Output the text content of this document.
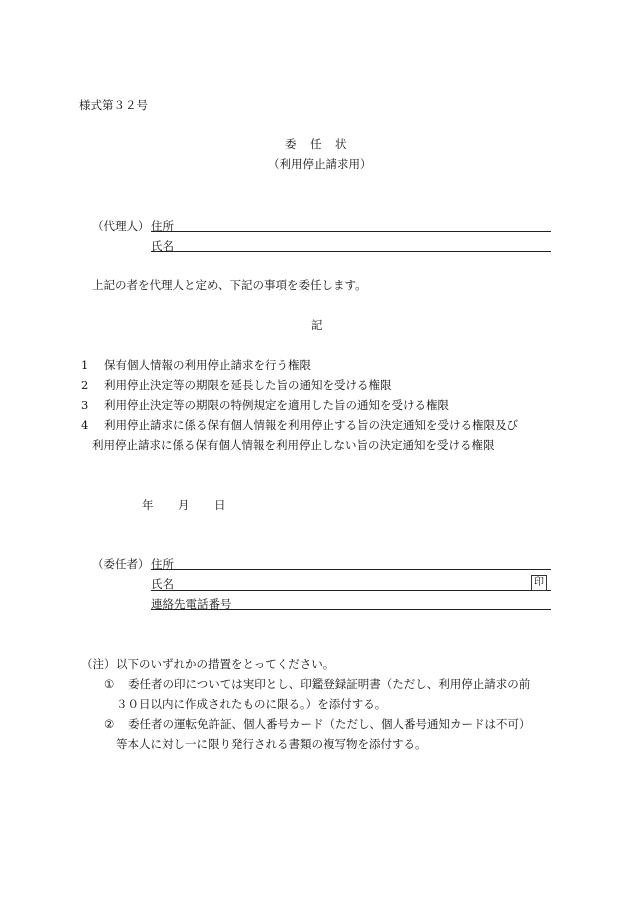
様式第３２号
委　任　状
（利用停止請求用）
（代理人） 住所
氏名
上記の者を代理人と定め、下記の事項を委任します。
記
1 保有個人情報の利用停止請求を行う権限
2 利用停止決定等の期限を延長した旨の通知を受ける権限
3 利用停止決定等の期限の特例規定を適用した旨の通知を受ける権限
4 利用停止請求に係る保有個人情報を利用停止する旨の決定通知を受ける権限及び
利用停止請求に係る保有個人情報を利用停止しない旨の決定通知を受ける権限
年 月 日
（委任者） 住所
氏名	印
連絡先電話番号
（注） 以下のいずれかの措置をとってください。
① 委任者の印については実印とし、印鑑登録証明書（ただし、利用停止請求の前
３０日以内に作成されたものに限る。）を添付する。
② 委任者の運転免許証、個人番号カード（ただし、個人番号通知カードは不可）
等本人に対し一に限り発行される書類の複写物を添付する。
